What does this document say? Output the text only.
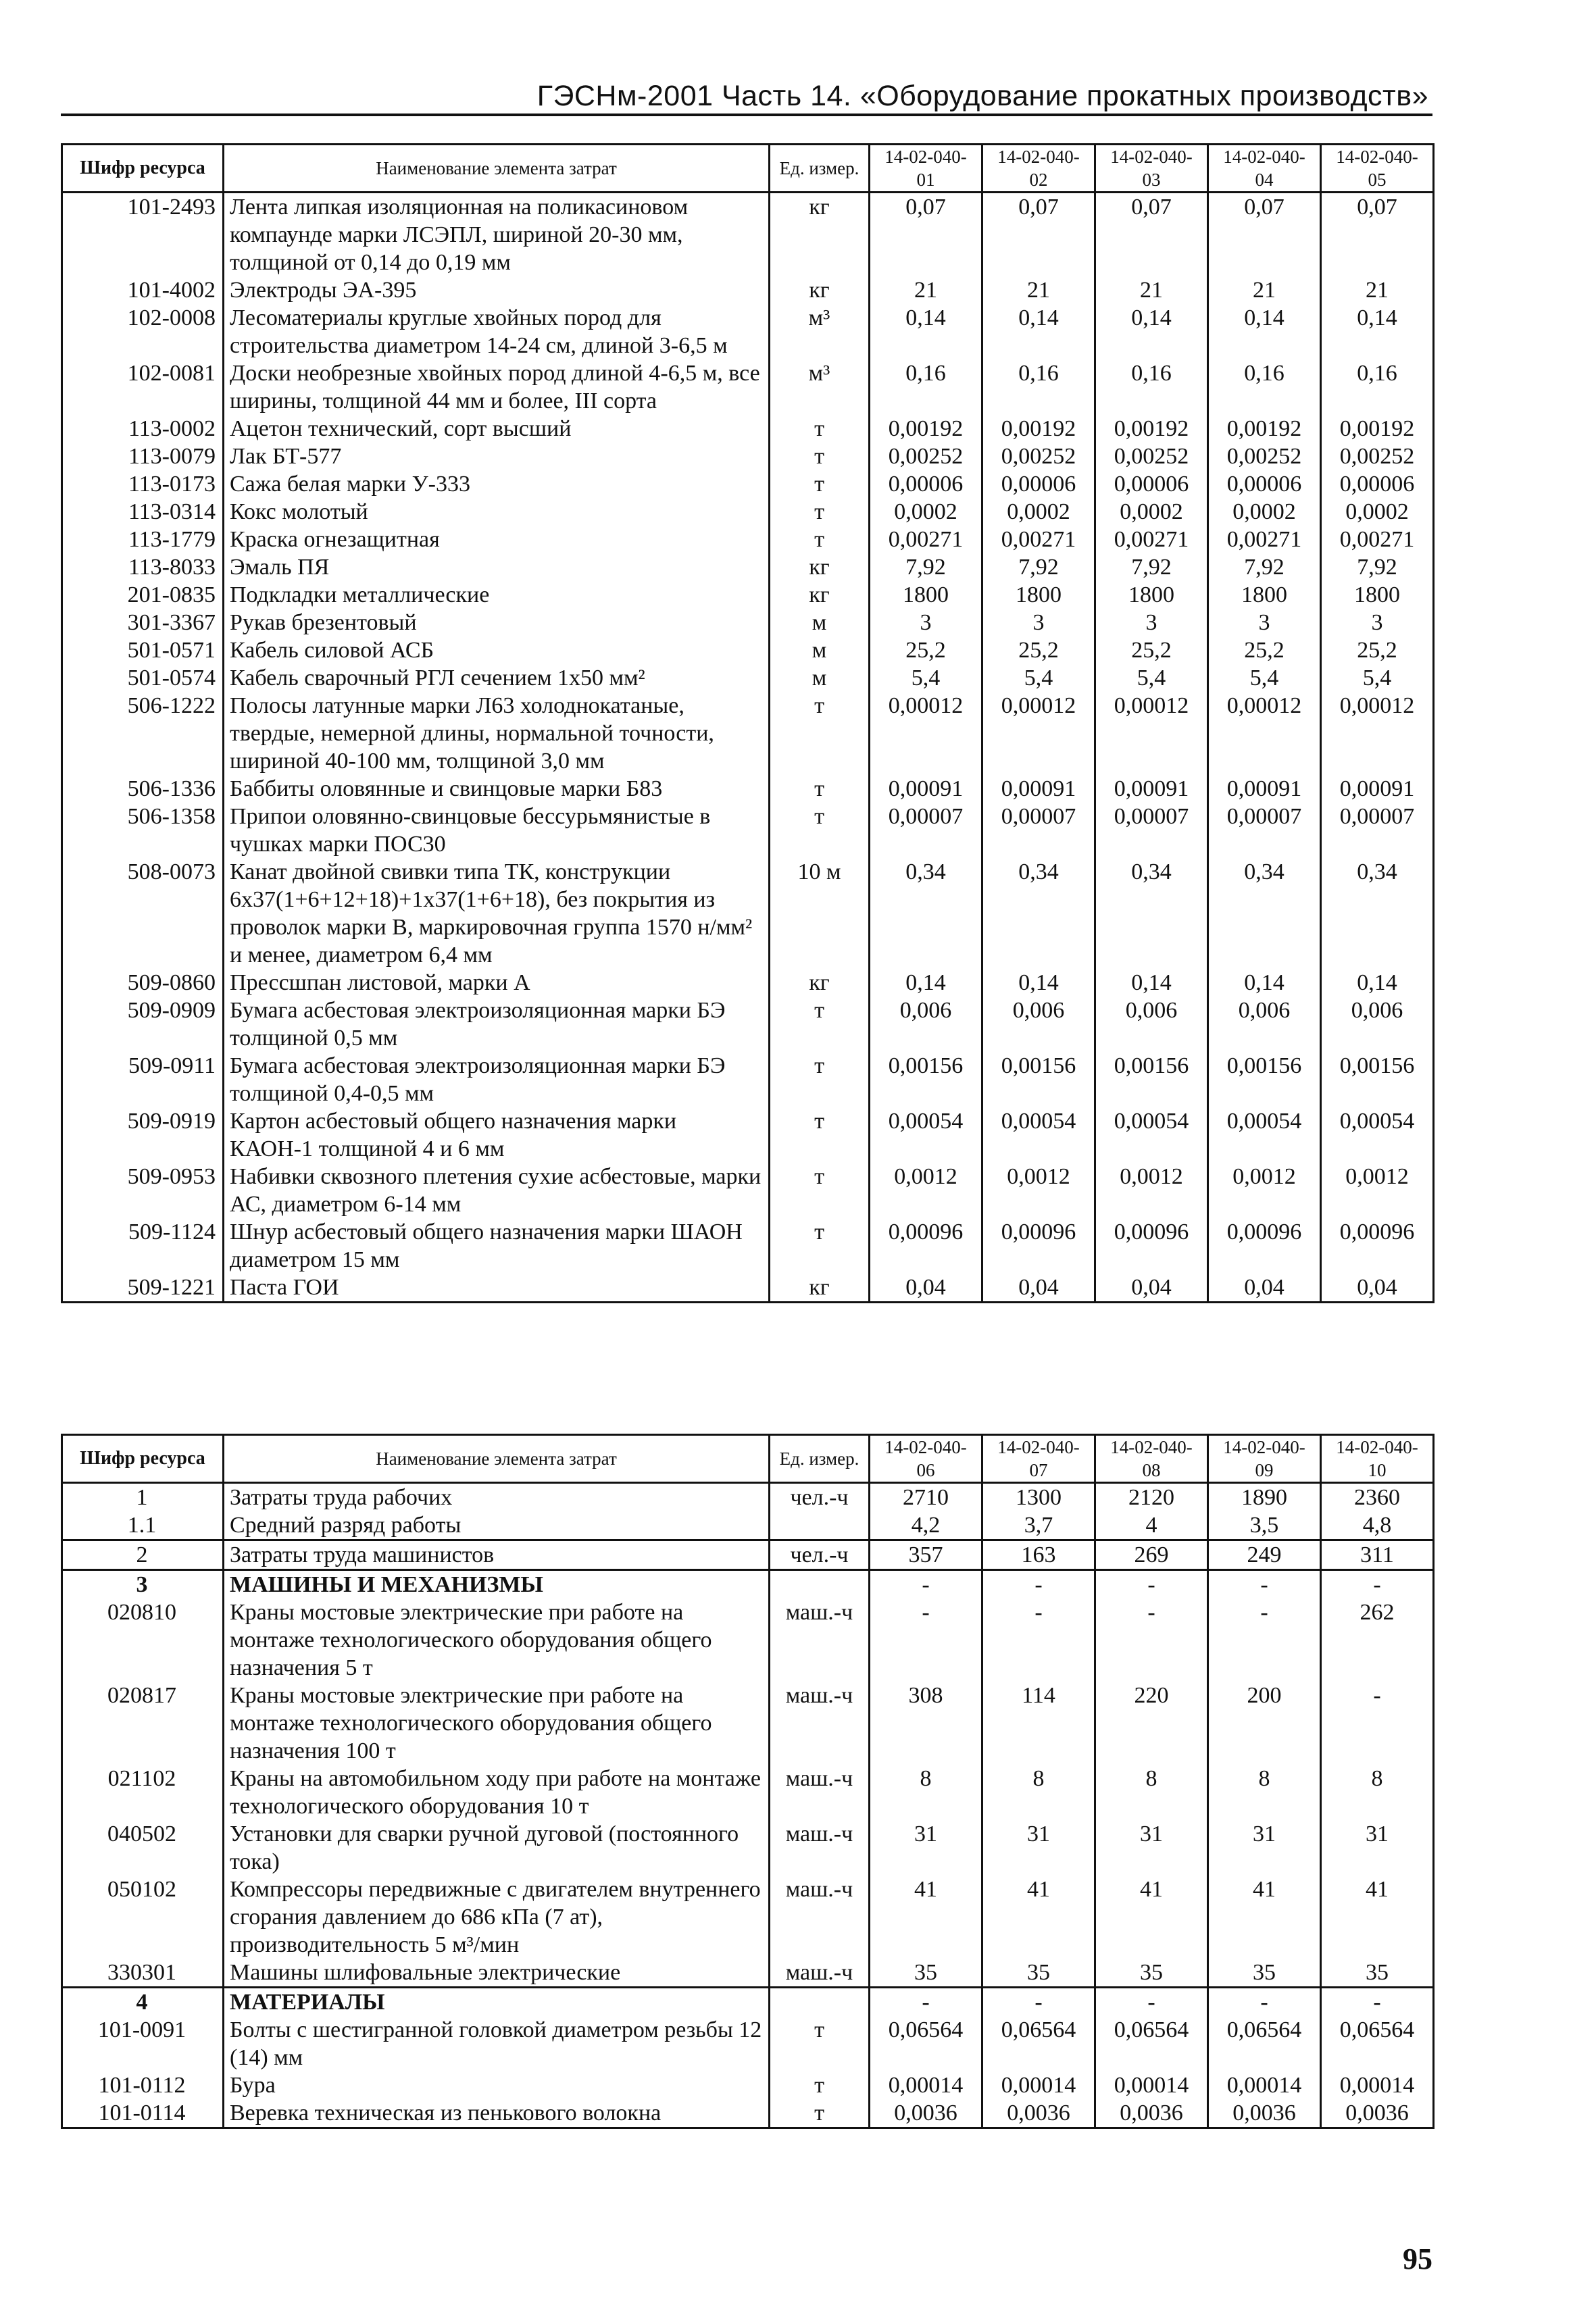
ГЭСНм-2001 Часть 14. «Оборудование прокатных производств»
Шифр ресурса	Наименование элемента затрат	Ед. измер.	14-02-040-01	14-02-040-02	14-02-040-03	14-02-040-04	14-02-040-05
101-2493	Лента липкая изоляционная на поликасиновом компаунде марки ЛСЭПЛ, шириной 20-30 мм, толщиной от 0,14 до 0,19 мм	кг	0,07	0,07	0,07	0,07	0,07
101-4002	Электроды ЭА-395	кг	21	21	21	21	21
102-0008	Лесоматериалы круглые хвойных пород для строительства диаметром 14-24 см, длиной 3-6,5 м	м³	0,14	0,14	0,14	0,14	0,14
102-0081	Доски необрезные хвойных пород длиной 4-6,5 м, все ширины, толщиной 44 мм и более, III сорта	м³	0,16	0,16	0,16	0,16	0,16
113-0002	Ацетон технический, сорт высший	т	0,00192	0,00192	0,00192	0,00192	0,00192
113-0079	Лак БТ-577	т	0,00252	0,00252	0,00252	0,00252	0,00252
113-0173	Сажа белая марки У-333	т	0,00006	0,00006	0,00006	0,00006	0,00006
113-0314	Кокс молотый	т	0,0002	0,0002	0,0002	0,0002	0,0002
113-1779	Краска огнезащитная	т	0,00271	0,00271	0,00271	0,00271	0,00271
113-8033	Эмаль ПЯ	кг	7,92	7,92	7,92	7,92	7,92
201-0835	Подкладки металлические	кг	1800	1800	1800	1800	1800
301-3367	Рукав брезентовый	м	3	3	3	3	3
501-0571	Кабель силовой АСБ	м	25,2	25,2	25,2	25,2	25,2
501-0574	Кабель сварочный РГЛ сечением 1х50 мм²	м	5,4	5,4	5,4	5,4	5,4
506-1222	Полосы латунные марки Л63 холоднокатаные, твердые, немерной длины, нормальной точности, шириной 40-100 мм, толщиной 3,0 мм	т	0,00012	0,00012	0,00012	0,00012	0,00012
506-1336	Баббиты оловянные и свинцовые марки Б83	т	0,00091	0,00091	0,00091	0,00091	0,00091
506-1358	Припои оловянно-свинцовые бессурьмянистые в чушках марки ПОС30	т	0,00007	0,00007	0,00007	0,00007	0,00007
508-0073	Канат двойной свивки типа ТК, конструкции 6х37(1+6+12+18)+1х37(1+6+18), без покрытия из проволок марки В, маркировочная группа 1570 н/мм² и менее, диаметром 6,4 мм	10 м	0,34	0,34	0,34	0,34	0,34
509-0860	Прессшпан листовой, марки А	кг	0,14	0,14	0,14	0,14	0,14
509-0909	Бумага асбестовая электроизоляционная марки БЭ толщиной 0,5 мм	т	0,006	0,006	0,006	0,006	0,006
509-0911	Бумага асбестовая электроизоляционная марки БЭ толщиной 0,4-0,5 мм	т	0,00156	0,00156	0,00156	0,00156	0,00156
509-0919	Картон асбестовый общего назначения марки КАОН-1 толщиной 4 и 6 мм	т	0,00054	0,00054	0,00054	0,00054	0,00054
509-0953	Набивки сквозного плетения сухие асбестовые, марки АС, диаметром 6-14 мм	т	0,0012	0,0012	0,0012	0,0012	0,0012
509-1124	Шнур асбестовый общего назначения марки ШАОН диаметром 15 мм	т	0,00096	0,00096	0,00096	0,00096	0,00096
509-1221	Паста ГОИ	кг	0,04	0,04	0,04	0,04	0,04
Шифр ресурса	Наименование элемента затрат	Ед. измер.	14-02-040-06	14-02-040-07	14-02-040-08	14-02-040-09	14-02-040-10
1	Затраты труда рабочих	чел.-ч	2710	1300	2120	1890	2360
1.1	Средний разряд работы		4,2	3,7	4	3,5	4,8
2	Затраты труда машинистов	чел.-ч	357	163	269	249	311
3	МАШИНЫ И МЕХАНИЗМЫ		-	-	-	-	-
020810	Краны мостовые электрические при работе на монтаже технологического оборудования общего назначения 5 т	маш.-ч	-	-	-	-	262
020817	Краны мостовые электрические при работе на монтаже технологического оборудования общего назначения 100 т	маш.-ч	308	114	220	200	-
021102	Краны на автомобильном ходу при работе на монтаже технологического оборудования 10 т	маш.-ч	8	8	8	8	8
040502	Установки для сварки ручной дуговой (постоянного тока)	маш.-ч	31	31	31	31	31
050102	Компрессоры передвижные с двигателем внутреннего сгорания давлением до 686 кПа (7 ат), производительность 5 м³/мин	маш.-ч	41	41	41	41	41
330301	Машины шлифовальные электрические	маш.-ч	35	35	35	35	35
4	МАТЕРИАЛЫ		-	-	-	-	-
101-0091	Болты с шестигранной головкой диаметром резьбы 12 (14) мм	т	0,06564	0,06564	0,06564	0,06564	0,06564
101-0112	Бура	т	0,00014	0,00014	0,00014	0,00014	0,00014
101-0114	Веревка техническая из пенькового волокна	т	0,0036	0,0036	0,0036	0,0036	0,0036
95
